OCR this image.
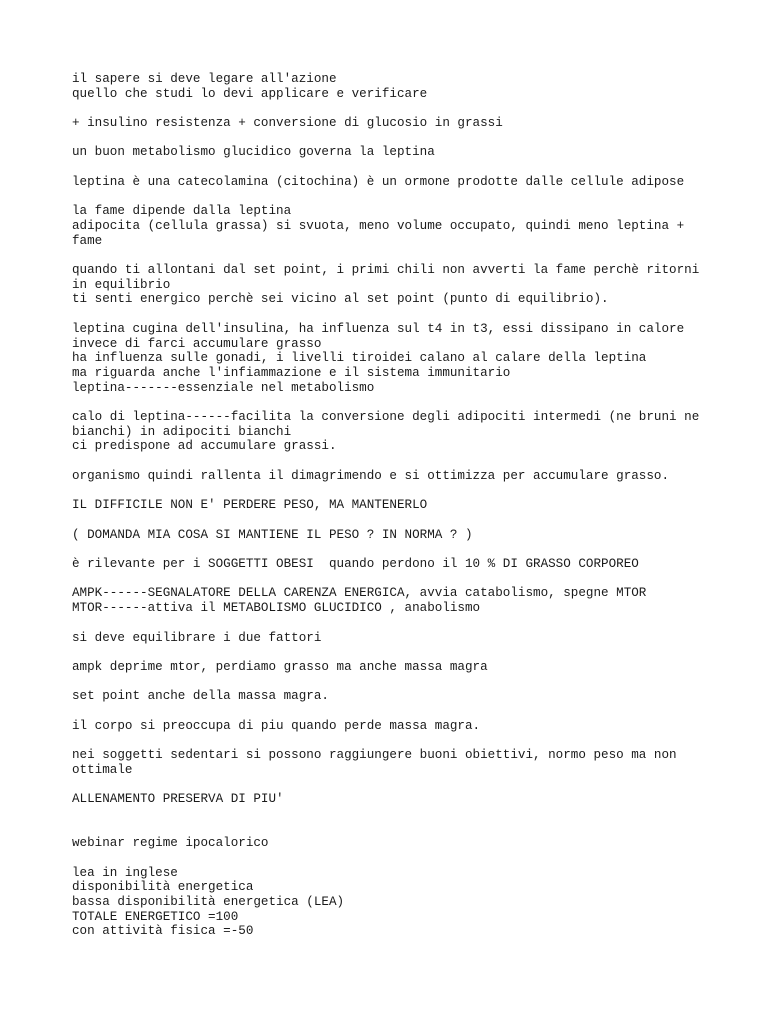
il sapere si deve legare all'azione
quello che studi lo devi applicare e verificare
+ insulino resistenza + conversione di glucosio in grassi
un buon metabolismo glucidico governa la leptina
leptina è una catecolamina (citochina) è un ormone prodotte dalle cellule adipose
la fame dipende dalla leptina
adipocita (cellula grassa) si svuota, meno volume occupato, quindi meno leptina + fame
quando ti allontani dal set point, i primi chili non avverti la fame perchè ritorni in equilibrio
ti senti energico perchè sei vicino al set point (punto di equilibrio).
leptina cugina dell'insulina, ha influenza sul t4 in t3, essi dissipano in calore invece di farci accumulare grasso
ha influenza sulle gonadi, i livelli tiroidei calano al calare della leptina
ma riguarda anche l'infiammazione e il sistema immunitario
leptina-------essenziale nel metabolismo
calo di leptina------facilita la conversione degli adipociti intermedi (ne bruni ne bianchi) in adipociti bianchi
ci predispone ad accumulare grassi.
organismo quindi rallenta il dimagrimendo e si ottimizza per accumulare grasso.
IL DIFFICILE NON E' PERDERE PESO, MA MANTENERLO
( DOMANDA MIA COSA SI MANTIENE IL PESO ? IN NORMA ? )
è rilevante per i SOGGETTI OBESI  quando perdono il 10 % DI GRASSO CORPOREO
AMPK------SEGNALATORE DELLA CARENZA ENERGICA, avvia catabolismo, spegne MTOR
MTOR------attiva il METABOLISMO GLUCIDICO , anabolismo
si deve equilibrare i due fattori
ampk deprime mtor, perdiamo grasso ma anche massa magra
set point anche della massa magra.
il corpo si preoccupa di piu quando perde massa magra.
nei soggetti sedentari si possono raggiungere buoni obiettivi, normo peso ma non ottimale
ALLENAMENTO PRESERVA DI PIU'
webinar regime ipocalorico
lea in inglese
disponibilità energetica
bassa disponibilità energetica (LEA)
TOTALE ENERGETICO =100
con attività fisica =-50
